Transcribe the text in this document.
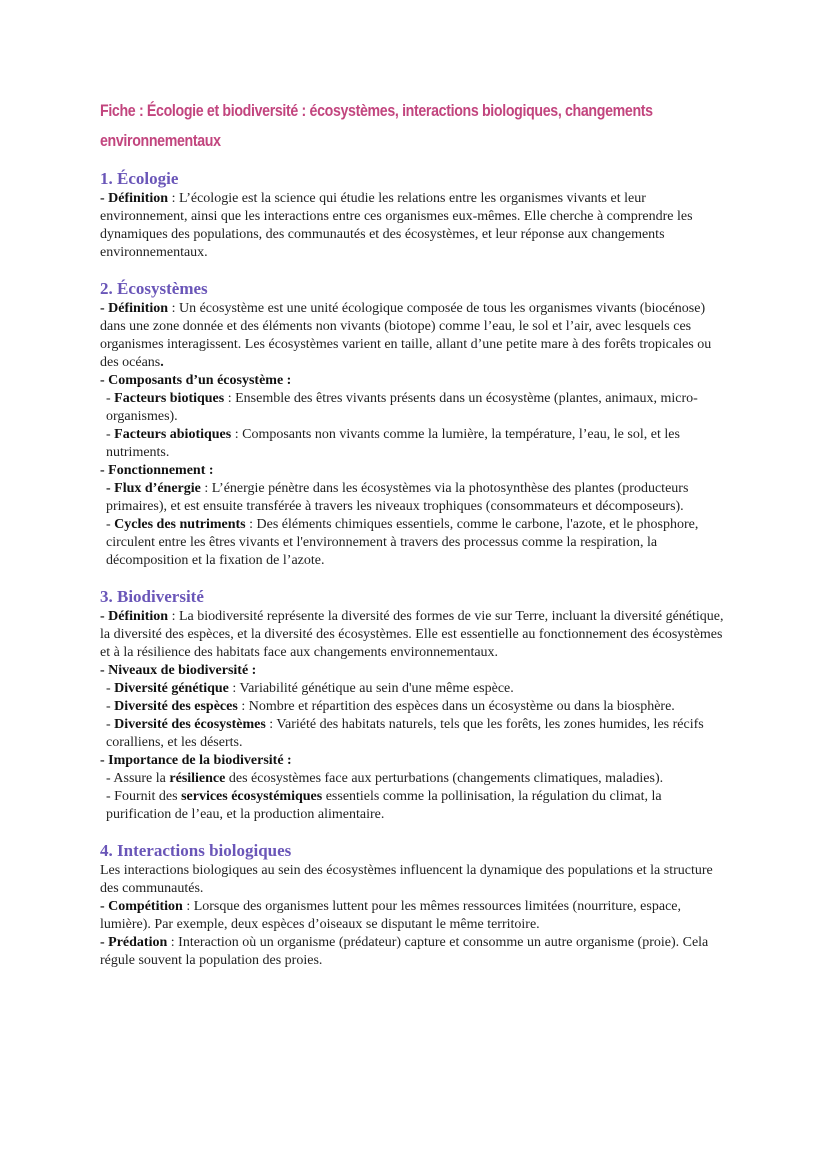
Fiche : Écologie et biodiversité : écosystèmes, interactions biologiques, changements environnementaux
1. Écologie

- Définition : L’écologie est la science qui étudie les relations entre les organismes vivants et leur environnement, ainsi que les interactions entre ces organismes eux-mêmes. Elle cherche à comprendre les dynamiques des populations, des communautés et des écosystèmes, et leur réponse aux changements environnementaux.

2. Écosystèmes

- Définition : Un écosystème est une unité écologique composée de tous les organismes vivants (biocénose) dans une zone donnée et des éléments non vivants (biotope) comme l’eau, le sol et l’air, avec lesquels ces organismes interagissent. Les écosystèmes varient en taille, allant d’une petite mare à des forêts tropicales ou des océans.

- Composants d’un écosystème :

- Facteurs biotiques : Ensemble des êtres vivants présents dans un écosystème (plantes, animaux, micro-organismes).

- Facteurs abiotiques : Composants non vivants comme la lumière, la température, l’eau, le sol, et les nutriments.

- Fonctionnement :

- Flux d’énergie : L’énergie pénètre dans les écosystèmes via la photosynthèse des plantes (producteurs primaires), et est ensuite transférée à travers les niveaux trophiques (consommateurs et décomposeurs).

- Cycles des nutriments : Des éléments chimiques essentiels, comme le carbone, l'azote, et le phosphore, circulent entre les êtres vivants et l'environnement à travers des processus comme la respiration, la décomposition et la fixation de l’azote.

3. Biodiversité

- Définition : La biodiversité représente la diversité des formes de vie sur Terre, incluant la diversité génétique, la diversité des espèces, et la diversité des écosystèmes. Elle est essentielle au fonctionnement des écosystèmes et à la résilience des habitats face aux changements environnementaux.

- Niveaux de biodiversité :

- Diversité génétique : Variabilité génétique au sein d'une même espèce.

- Diversité des espèces : Nombre et répartition des espèces dans un écosystème ou dans la biosphère.

- Diversité des écosystèmes : Variété des habitats naturels, tels que les forêts, les zones humides, les récifs coralliens, et les déserts.

- Importance de la biodiversité :

- Assure la résilience des écosystèmes face aux perturbations (changements climatiques, maladies).

- Fournit des services écosystémiques essentiels comme la pollinisation, la régulation du climat, la purification de l’eau, et la production alimentaire.

4. Interactions biologiques

Les interactions biologiques au sein des écosystèmes influencent la dynamique des populations et la structure des communautés.

- Compétition : Lorsque des organismes luttent pour les mêmes ressources limitées (nourriture, espace, lumière). Par exemple, deux espèces d’oiseaux se disputant le même territoire.

- Prédation : Interaction où un organisme (prédateur) capture et consomme un autre organisme (proie). Cela régule souvent la population des proies.
